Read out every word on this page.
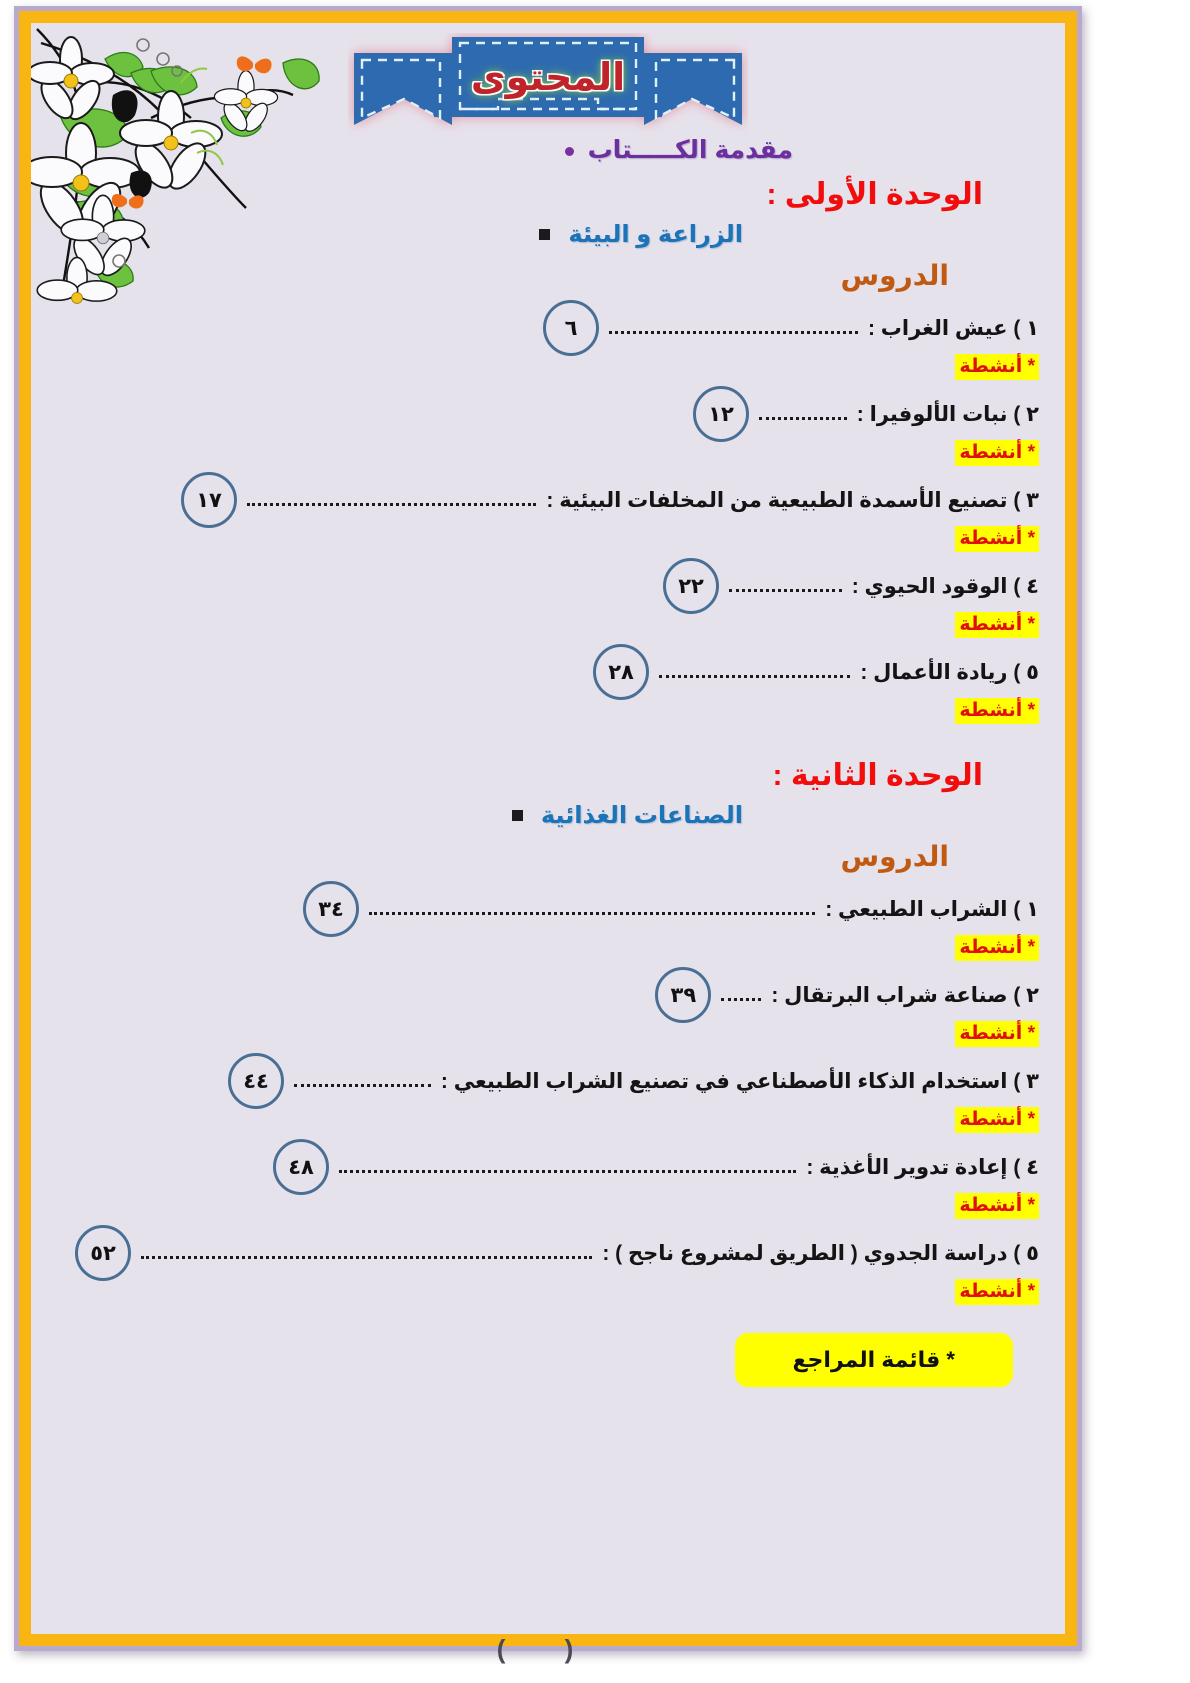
المحتوى
مقدمة الكـــــتاب
الوحدة الأولى :
الزراعة و البيئة
الدروس
١ ) عيش الغراب :
٦
* أنشطة
٢ ) نبات الألوفيرا :
١٢
* أنشطة
٣ ) تصنيع الأسمدة الطبيعية من المخلفات البيئية :
١٧
* أنشطة
٤ ) الوقود الحيوي :
٢٢
* أنشطة
٥ ) ريادة الأعمال :
٢٨
* أنشطة
الوحدة الثانية :
الصناعات الغذائية
الدروس
١ ) الشراب الطبيعي :
٣٤
* أنشطة
٢ ) صناعة شراب البرتقال :
٣٩
* أنشطة
٣ ) استخدام الذكاء الأصطناعي في تصنيع الشراب الطبيعي :
٤٤
* أنشطة
٤ ) إعادة تدوير الأغذية :
٤٨
* أنشطة
٥ ) دراسة الجدوي ( الطريق لمشروع ناجح ) :
٥٢
* أنشطة
* قائمة المراجع
( )
